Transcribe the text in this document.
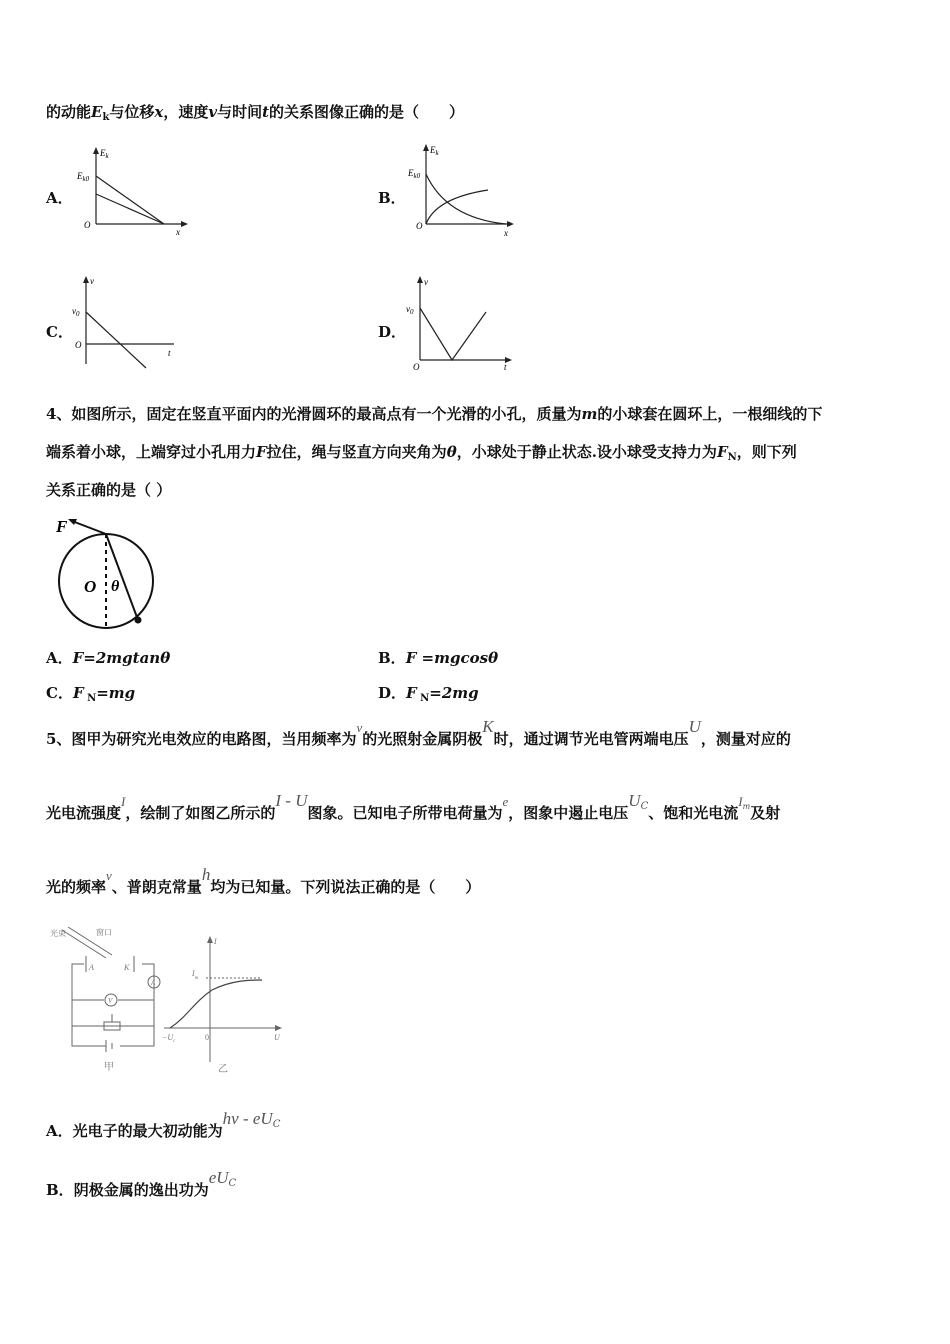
的动能$E_k$与位移x，速度v与时间t的关系图像正确的是（　　）
A．
$E_k$
$E_{k0}$
O
x
B．
$E_k$
$E_{k0}$
O
x
C．
v
$v_0$
O
t
D．
v
$v_0$
O	t
4、如图所示，固定在竖直平面内的光滑圆环的最高点有一个光滑的小孔，质量为m的小球套在圆环上，一根细线的下
端系着小球，上端穿过小孔用力F拉住，绳与竖直方向夹角为θ，小球处于静止状态.设小球受支持力为$F_N$，则下列
关系正确的是（ ）
F
O θ
A．F=2mgtanθ	B．F =mgcosθ
C．F $_N$=mg	D．F $_N$=2mg
5、图甲为研究光电效应的电路图，当用频率为ν的光照射金属阴极K时，通过调节光电管两端电压U，测量对应的
光电流强度I，绘制了如图乙所示的I - U图象。已知电子所带电荷量为e，图象中遏止电压$U^C$、饱和光电流$I^m$及射
光的频率ν、普朗克常量h均为已知量。下列说法正确的是（　　）
光束	窗口
A	K
V
A
甲	乙
I
$I_m$
$-U_c$	0	U
A．光电子的最大初动能为hν - $eU^C$
B．阴极金属的逸出功为$eU^C$
